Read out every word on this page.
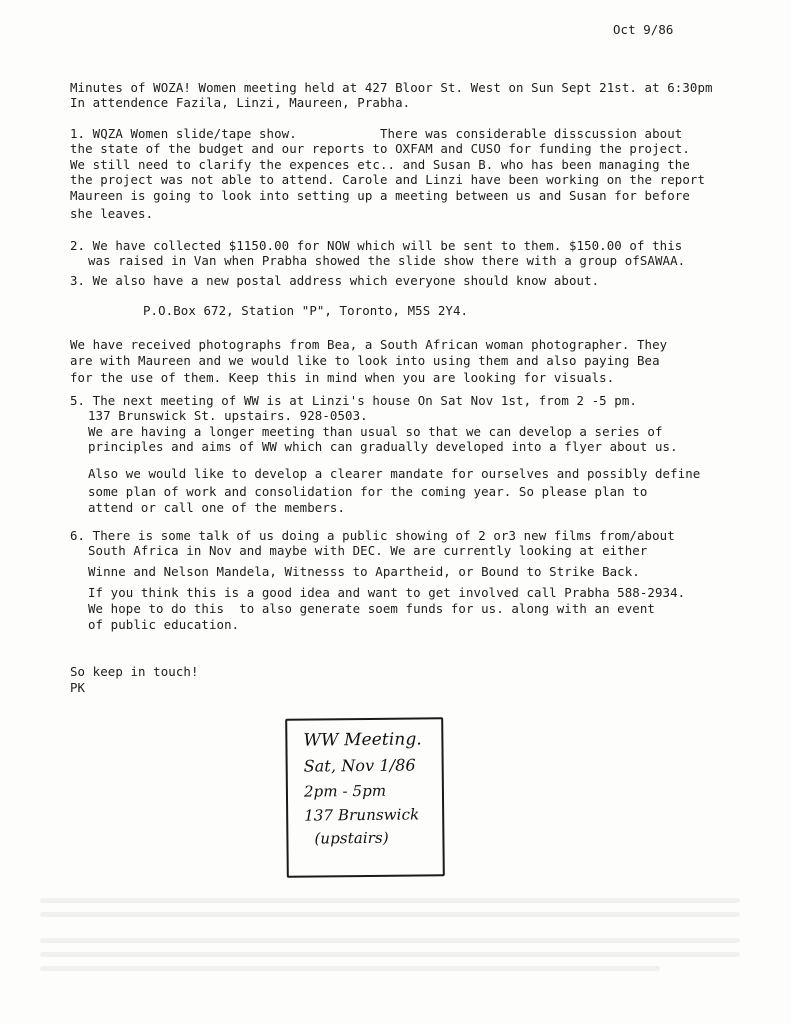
Oct 9/86
Minutes of WOZA! Women meeting held at 427 Bloor St. West on Sun Sept 21st. at 6:30pm
In attendence Fazila, Linzi, Maureen, Prabha.
1. WQZA Women slide/tape show.           There was considerable disscussion about
the state of the budget and our reports to OXFAM and CUSO for funding the project.
We still need to clarify the expences etc.. and Susan B. who has been managing the
the project was not able to attend. Carole and Linzi have been working on the report
Maureen is going to look into setting up a meeting between us and Susan for before
she leaves.
2. We have collected $1150.00 for NOW which will be sent to them. $150.00 of this
was raised in Van when Prabha showed the slide show there with a group ofSAWAA.
3. We also have a new postal address which everyone should know about.
P.O.Box 672, Station "P", Toronto, M5S 2Y4.
We have received photographs from Bea, a South African woman photographer. They
are with Maureen and we would like to look into using them and also paying Bea
for the use of them. Keep this in mind when you are looking for visuals.
5. The next meeting of WW is at Linzi's house On Sat Nov 1st, from 2 -5 pm.
137 Brunswick St. upstairs. 928-0503.
We are having a longer meeting than usual so that we can develop a series of
principles and aims of WW which can gradually developed into a flyer about us.
Also we would like to develop a clearer mandate for ourselves and possibly define
some plan of work and consolidation for the coming year. So please plan to
attend or call one of the members.
6. There is some talk of us doing a public showing of 2 or3 new films from/about
South Africa in Nov and maybe with DEC. We are currently looking at either
Winne and Nelson Mandela, Witnesss to Apartheid, or Bound to Strike Back.
If you think this is a good idea and want to get involved call Prabha 588-2934.
We hope to do this  to also generate soem funds for us. along with an event
of public education.
So keep in touch!
PK
WW Meeting.
Sat, Nov 1/86
2pm - 5pm
137 Brunswick
(upstairs)
